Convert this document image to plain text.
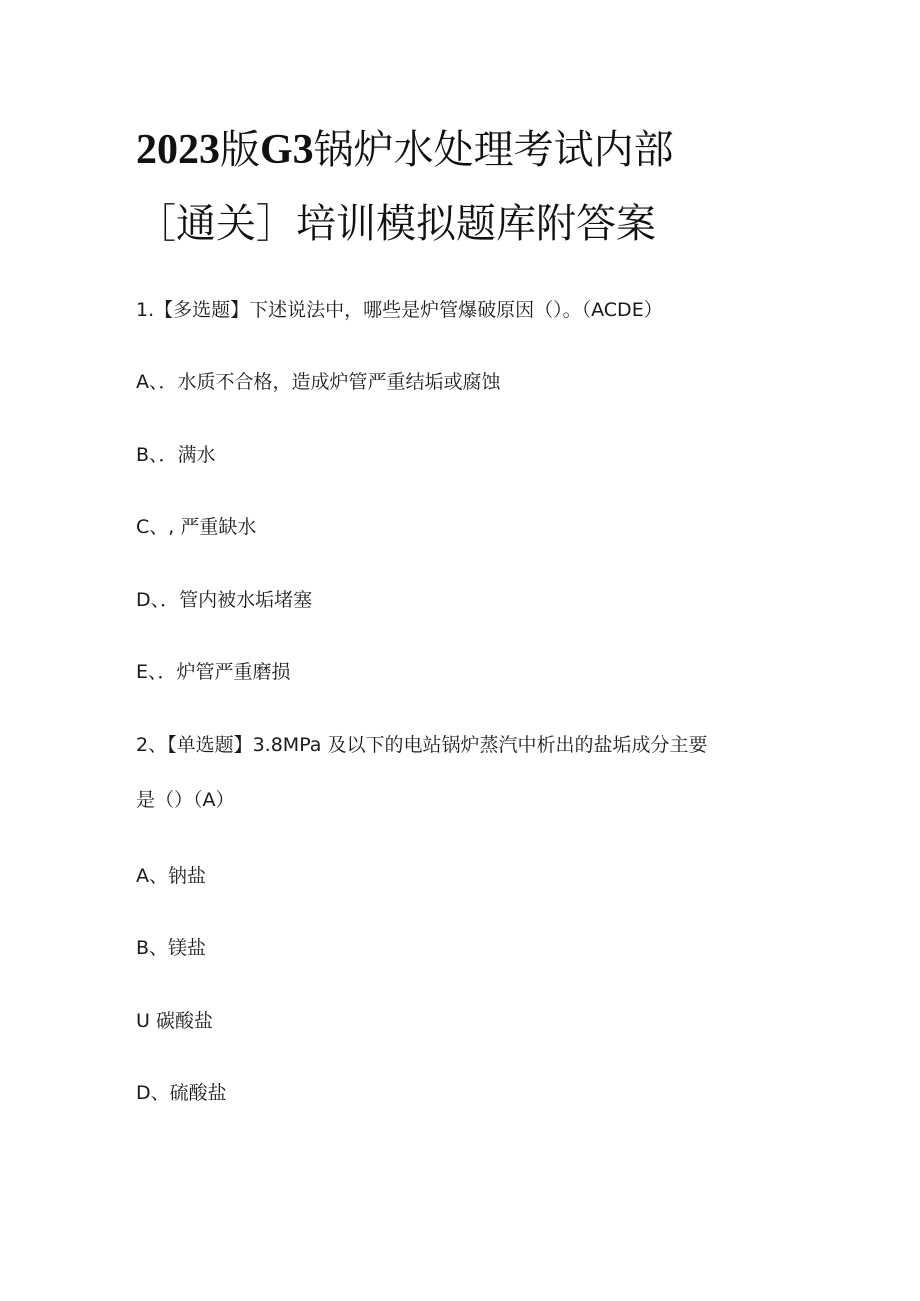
2023版G3锅炉水处理考试内部
［通关］培训模拟题库附答案
1.【多选题】下述说法中，哪些是炉管爆破原因（）。（ACDE）
A、．水质不合格，造成炉管严重结垢或腐蚀
B、．满水
C、, 严重缺水
D、．管内被水垢堵塞
E、．炉管严重磨损
2、【单选题】3.8MPa 及以下的电站锅炉蒸汽中析出的盐垢成分主要
是（）（A）
A、钠盐
B、镁盐
U 碳酸盐
D、硫酸盐
